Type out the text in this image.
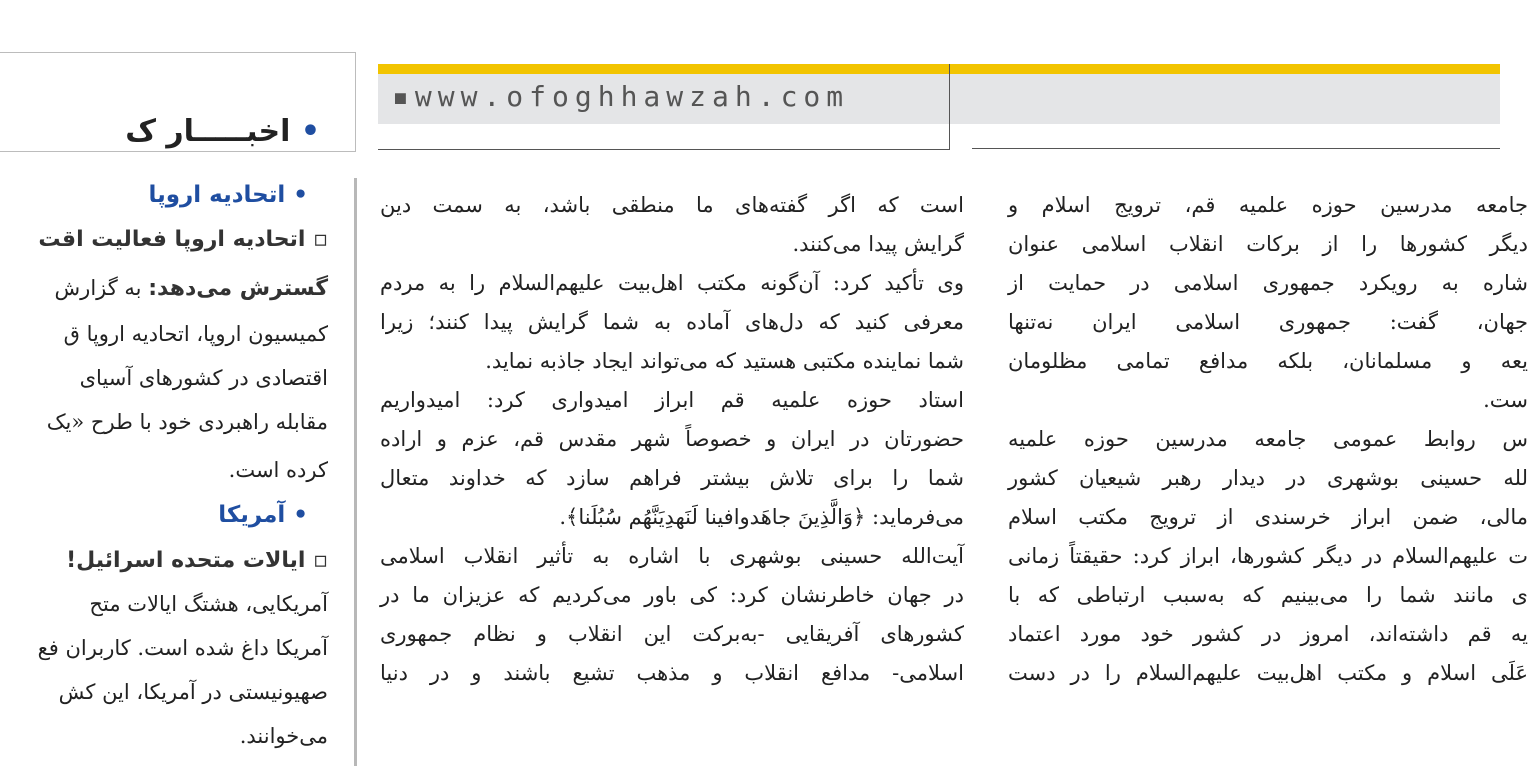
▪www.ofoghhawzah.com
• اخبـــــار ک
• اتحادیه اروپا
▫ اتحادیه اروپا فعالیت اقت
گسترش می‌دهد: به گزارش
کمیسیون اروپا، اتحادیه اروپا ق
اقتصادی در کشورهای آسیای
مقابله راهبردی خود با طرح «یک
کرده است.
• آمریکا
▫ ایالات متحده اسرائیل!
آمریکایی، هشتگ ایالات متح
آمریکا داغ شده است. کاربران فع
صهیونیستی در آمریکا، این کش
می‌خوانند.
است که اگر گفته‌های ما منطقی باشد، به سمت دین
گرایش پیدا می‌کنند.
وی تأکید کرد: آن‌گونه مکتب اهل‌بیت علیهم‌السلام را به مردم
معرفی کنید که دل‌های آماده به شما گرایش پیدا کنند؛ زیرا
شما نماینده مکتبی هستید که می‌تواند ایجاد جاذبه نماید.
استاد حوزه علمیه قم ابراز امیدواری کرد: امیدواریم
حضورتان در ایران و خصوصاً شهر مقدس قم، عزم و اراده
شما را برای تلاش بیشتر فراهم سازد که خداوند متعال
می‌فرماید: ﴿وَالَّذِینَ جاهَدوافینا لَنَهدِیَنَّهُم سُبُلَنا﴾.
آیت‌الله حسینی بوشهری با اشاره به تأثیر انقلاب اسلامی
در جهان خاطرنشان کرد: کی باور می‌کردیم که عزیزان ما در
کشورهای آفریقایی -به‌برکت این انقلاب و نظام جمهوری
اسلامی- مدافع انقلاب و مذهب تشیع باشند و در دنیا
جامعه مدرسین حوزه علمیه قم، ترویج اسلام و
دیگر کشورها را از برکات انقلاب اسلامی عنوان
شاره به رویکرد جمهوری اسلامی در حمایت از
جهان، گفت: جمهوری اسلامی ایران نه‌تنها
یعه و مسلمانان، بلکه مدافع تمامی مظلومان
ست.
س روابط عمومی جامعه مدرسین حوزه علمیه
لله حسینی بوشهری در دیدار رهبر شیعیان کشور
مالی، ضمن ابراز خرسندی از ترویج مکتب اسلام
ت علیهم‌السلام در دیگر کشورها، ابراز کرد: حقیقتاً زمانی
ی مانند شما را می‌بینیم که به‌سبب ارتباطی که با
یه قم داشته‌اند، امروز در کشور خود مورد اعتماد
عَلَی اسلام و مکتب اهل‌بیت علیهم‌السلام را در دست
